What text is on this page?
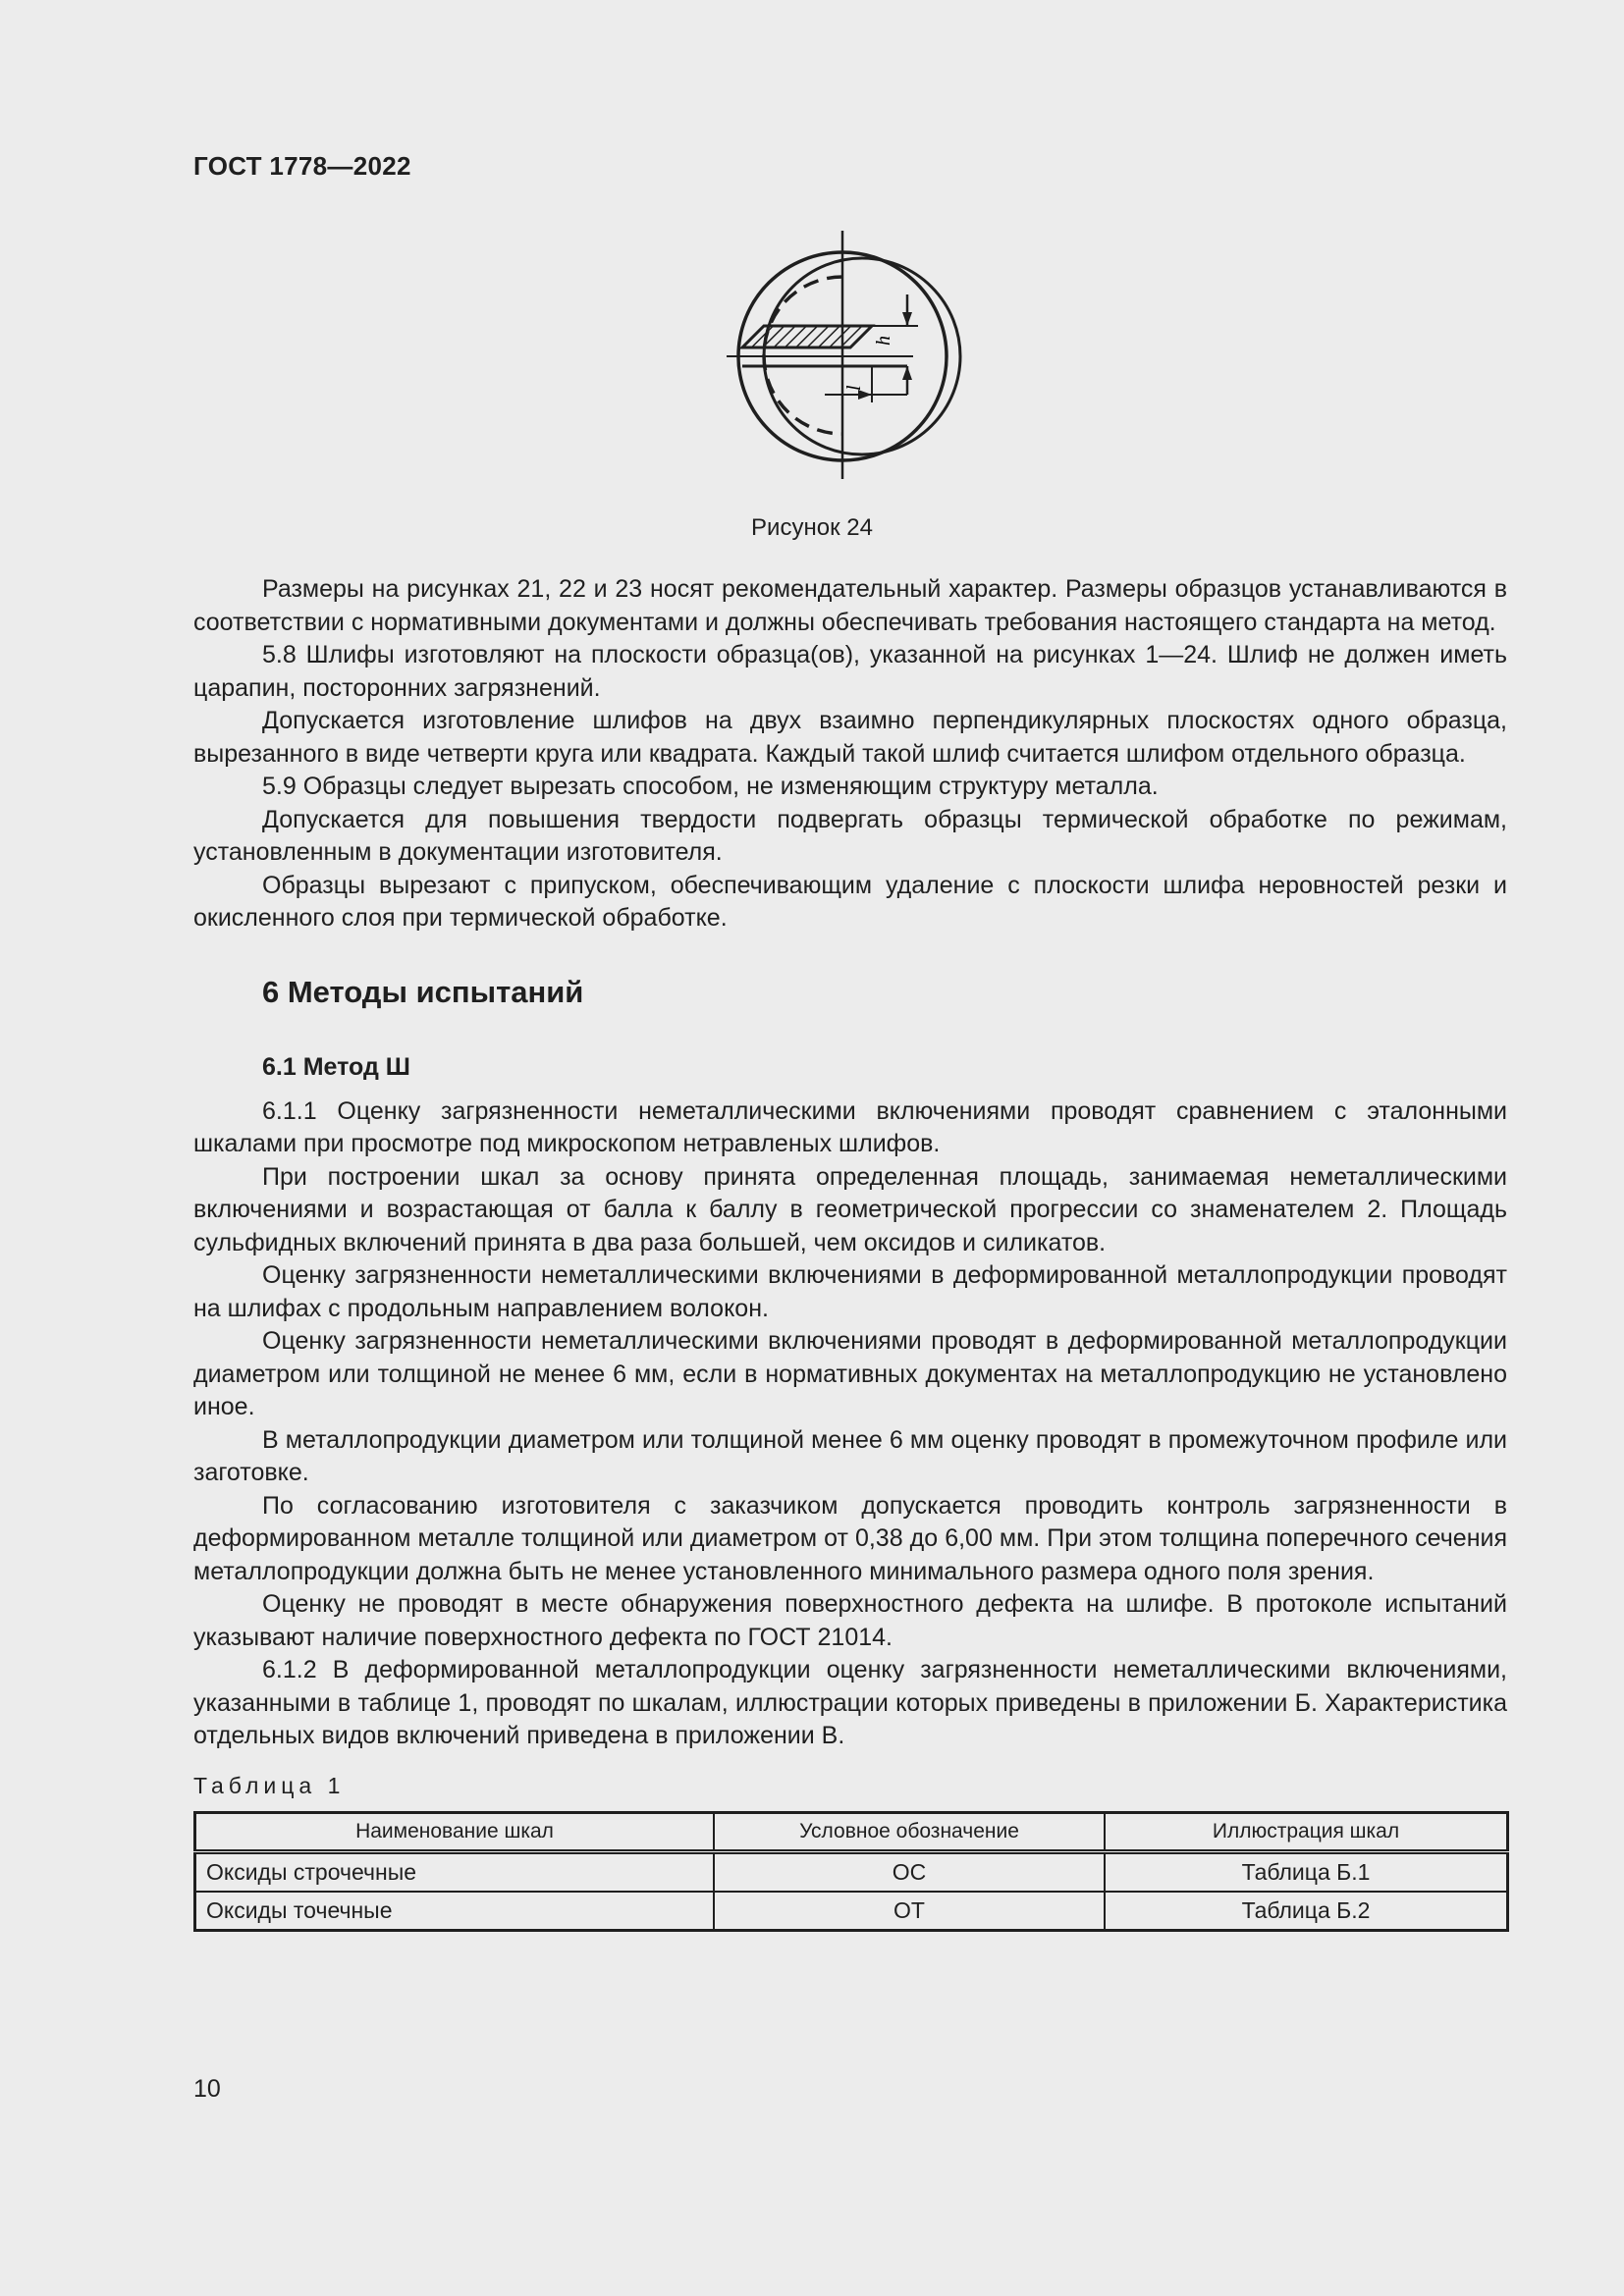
ГОСТ 1778—2022
h
l
Рисунок 24

Размеры на рисунках 21, 22 и 23 носят рекомендательный характер. Размеры образцов устанавливаются в соответствии с нормативными документами и должны обеспечивать требования настоящего стандарта на метод.

5.8 Шлифы изготовляют на плоскости образца(ов), указанной на рисунках 1—24. Шлиф не должен иметь царапин, посторонних загрязнений.

Допускается изготовление шлифов на двух взаимно перпендикулярных плоскостях одного образца, вырезанного в виде четверти круга или квадрата. Каждый такой шлиф считается шлифом отдельного образца.

5.9 Образцы следует вырезать способом, не изменяющим структуру металла.

Допускается для повышения твердости подвергать образцы термической обработке по режимам, установленным в документации изготовителя.

Образцы вырезают с припуском, обеспечивающим удаление с плоскости шлифа неровностей резки и окисленного слоя при термической обработке.

6 Методы испытаний
6.1 Метод Ш

6.1.1 Оценку загрязненности неметаллическими включениями проводят сравнением с эталонными шкалами при просмотре под микроскопом нетравленых шлифов.

При построении шкал за основу принята определенная площадь, занимаемая неметаллическими включениями и возрастающая от балла к баллу в геометрической прогрессии со знаменателем 2. Площадь сульфидных включений принята в два раза большей, чем оксидов и силикатов.

Оценку загрязненности неметаллическими включениями в деформированной металлопродукции проводят на шлифах с продольным направлением волокон.

Оценку загрязненности неметаллическими включениями проводят в деформированной металлопродукции диаметром или толщиной не менее 6 мм, если в нормативных документах на металлопродукцию не установлено иное.

В металлопродукции диаметром или толщиной менее 6 мм оценку проводят в промежуточном профиле или заготовке.

По согласованию изготовителя с заказчиком допускается проводить контроль загрязненности в деформированном металле толщиной или диаметром от 0,38 до 6,00 мм. При этом толщина поперечного сечения металлопродукции должна быть не менее установленного минимального размера одного поля зрения.

Оценку не проводят в месте обнаружения поверхностного дефекта на шлифе. В протоколе испытаний указывают наличие поверхностного дефекта по ГОСТ 21014.

6.1.2 В деформированной металлопродукции оценку загрязненности неметаллическими включениями, указанными в таблице 1, проводят по шкалам, иллюстрации которых приведены в приложении Б. Характеристика отдельных видов включений приведена в приложении В.

Таблица 1
Наименование шкал	Условное обозначение	Иллюстрация шкал
Оксиды строчечные	ОС	Таблица Б.1
Оксиды точечные	ОТ	Таблица Б.2
10
